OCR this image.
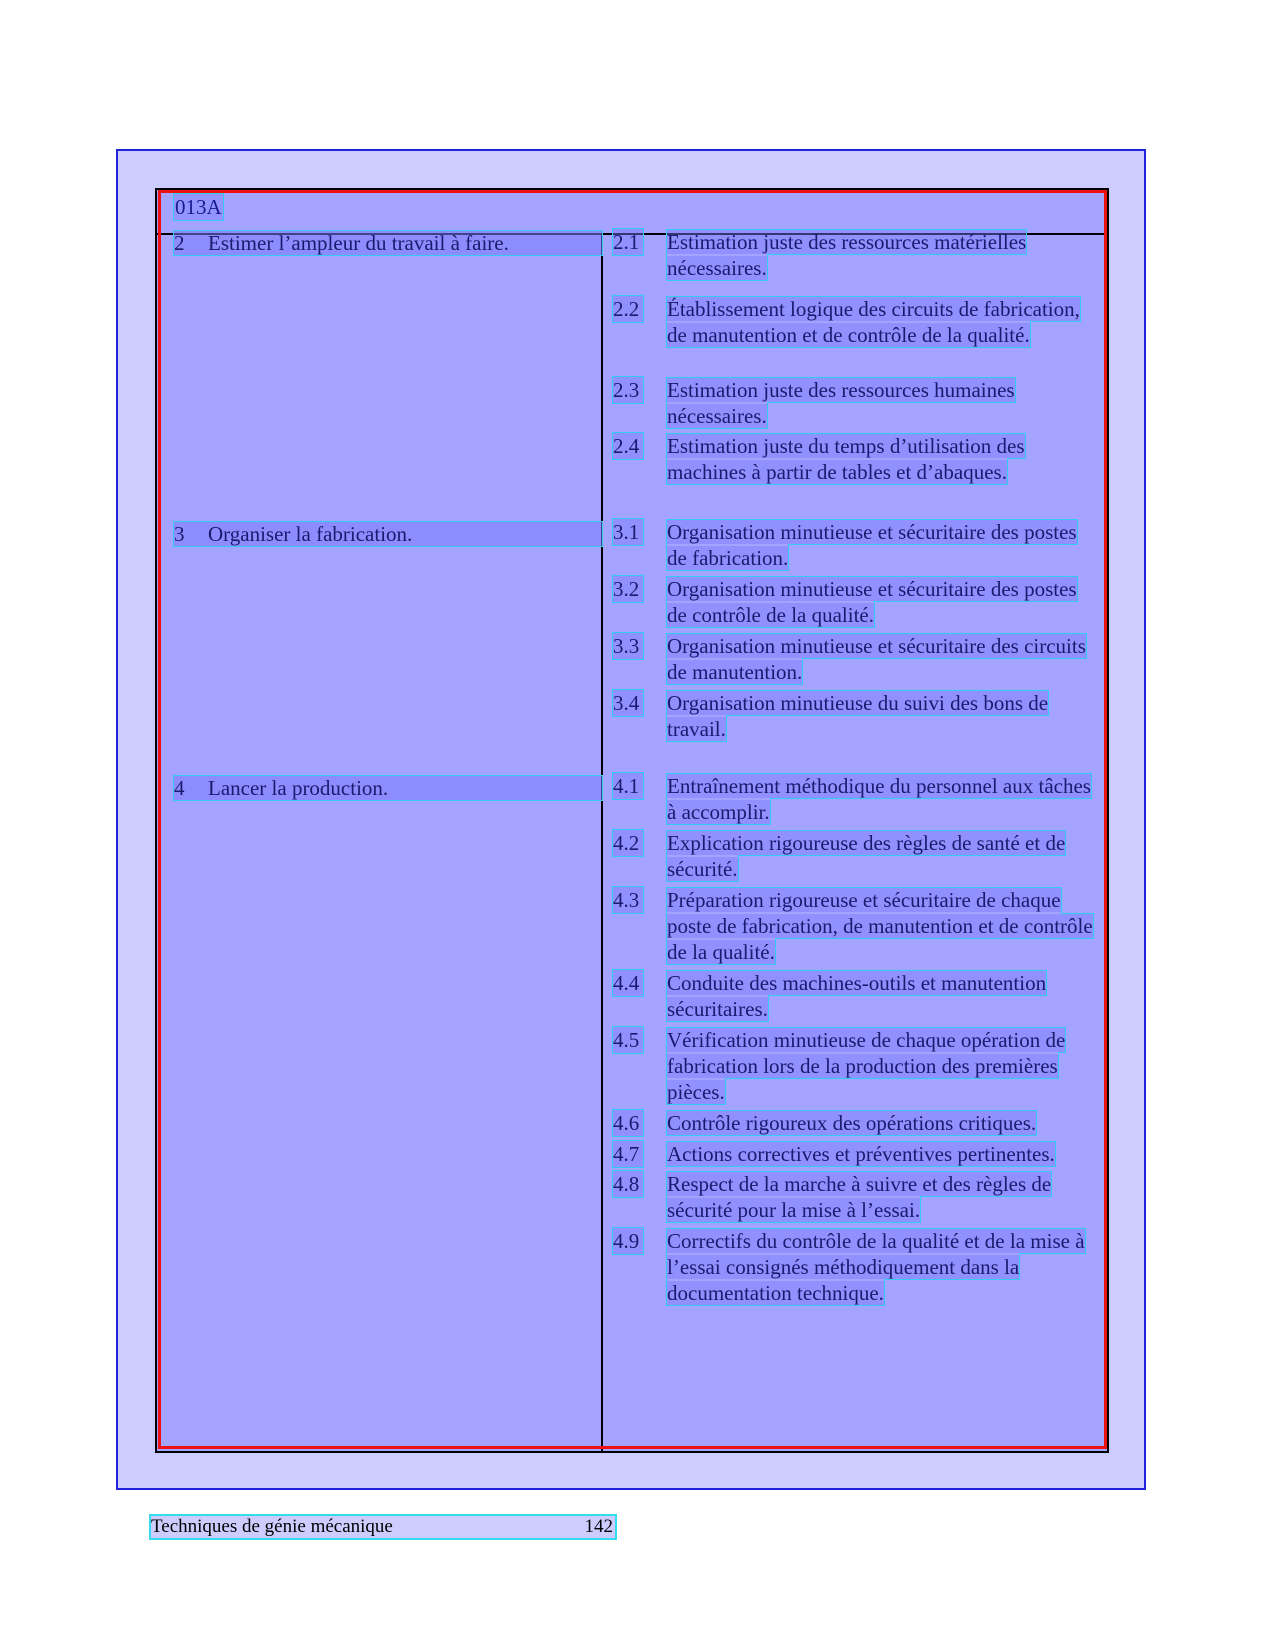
013A
2 Estimer l’ampleur du travail à faire.	2.1 Estimation juste des ressources matérielles nécessaires.
2.2 Établissement logique des circuits de fabrication, de manutention et de contrôle de la qualité.
2.3 Estimation juste des ressources humaines nécessaires.
2.4 Estimation juste du temps d’utilisation des machines à partir de tables et d’abaques.
3 Organiser la fabrication.	3.1 Organisation minutieuse et sécuritaire des postes de fabrication.
3.2 Organisation minutieuse et sécuritaire des postes de contrôle de la qualité.
3.3 Organisation minutieuse et sécuritaire des circuits de manutention.
3.4 Organisation minutieuse du suivi des bons de travail.
4 Lancer la production.	4.1 Entraînement méthodique du personnel aux tâches à accomplir.
4.2 Explication rigoureuse des règles de santé et de sécurité.
4.3 Préparation rigoureuse et sécuritaire de chaque poste de fabrication, de manutention et de contrôle de la qualité.
4.4 Conduite des machines-outils et manutention sécuritaires.
4.5 Vérification minutieuse de chaque opération de fabrication lors de la production des premières pièces.
4.6 Contrôle rigoureux des opérations critiques.
4.7 Actions correctives et préventives pertinentes.
4.8 Respect de la marche à suivre et des règles de sécurité pour la mise à l’essai.
4.9 Correctifs du contrôle de la qualité et de la mise à l’essai consignés méthodiquement dans la documentation technique.
Techniques de génie mécanique	142
